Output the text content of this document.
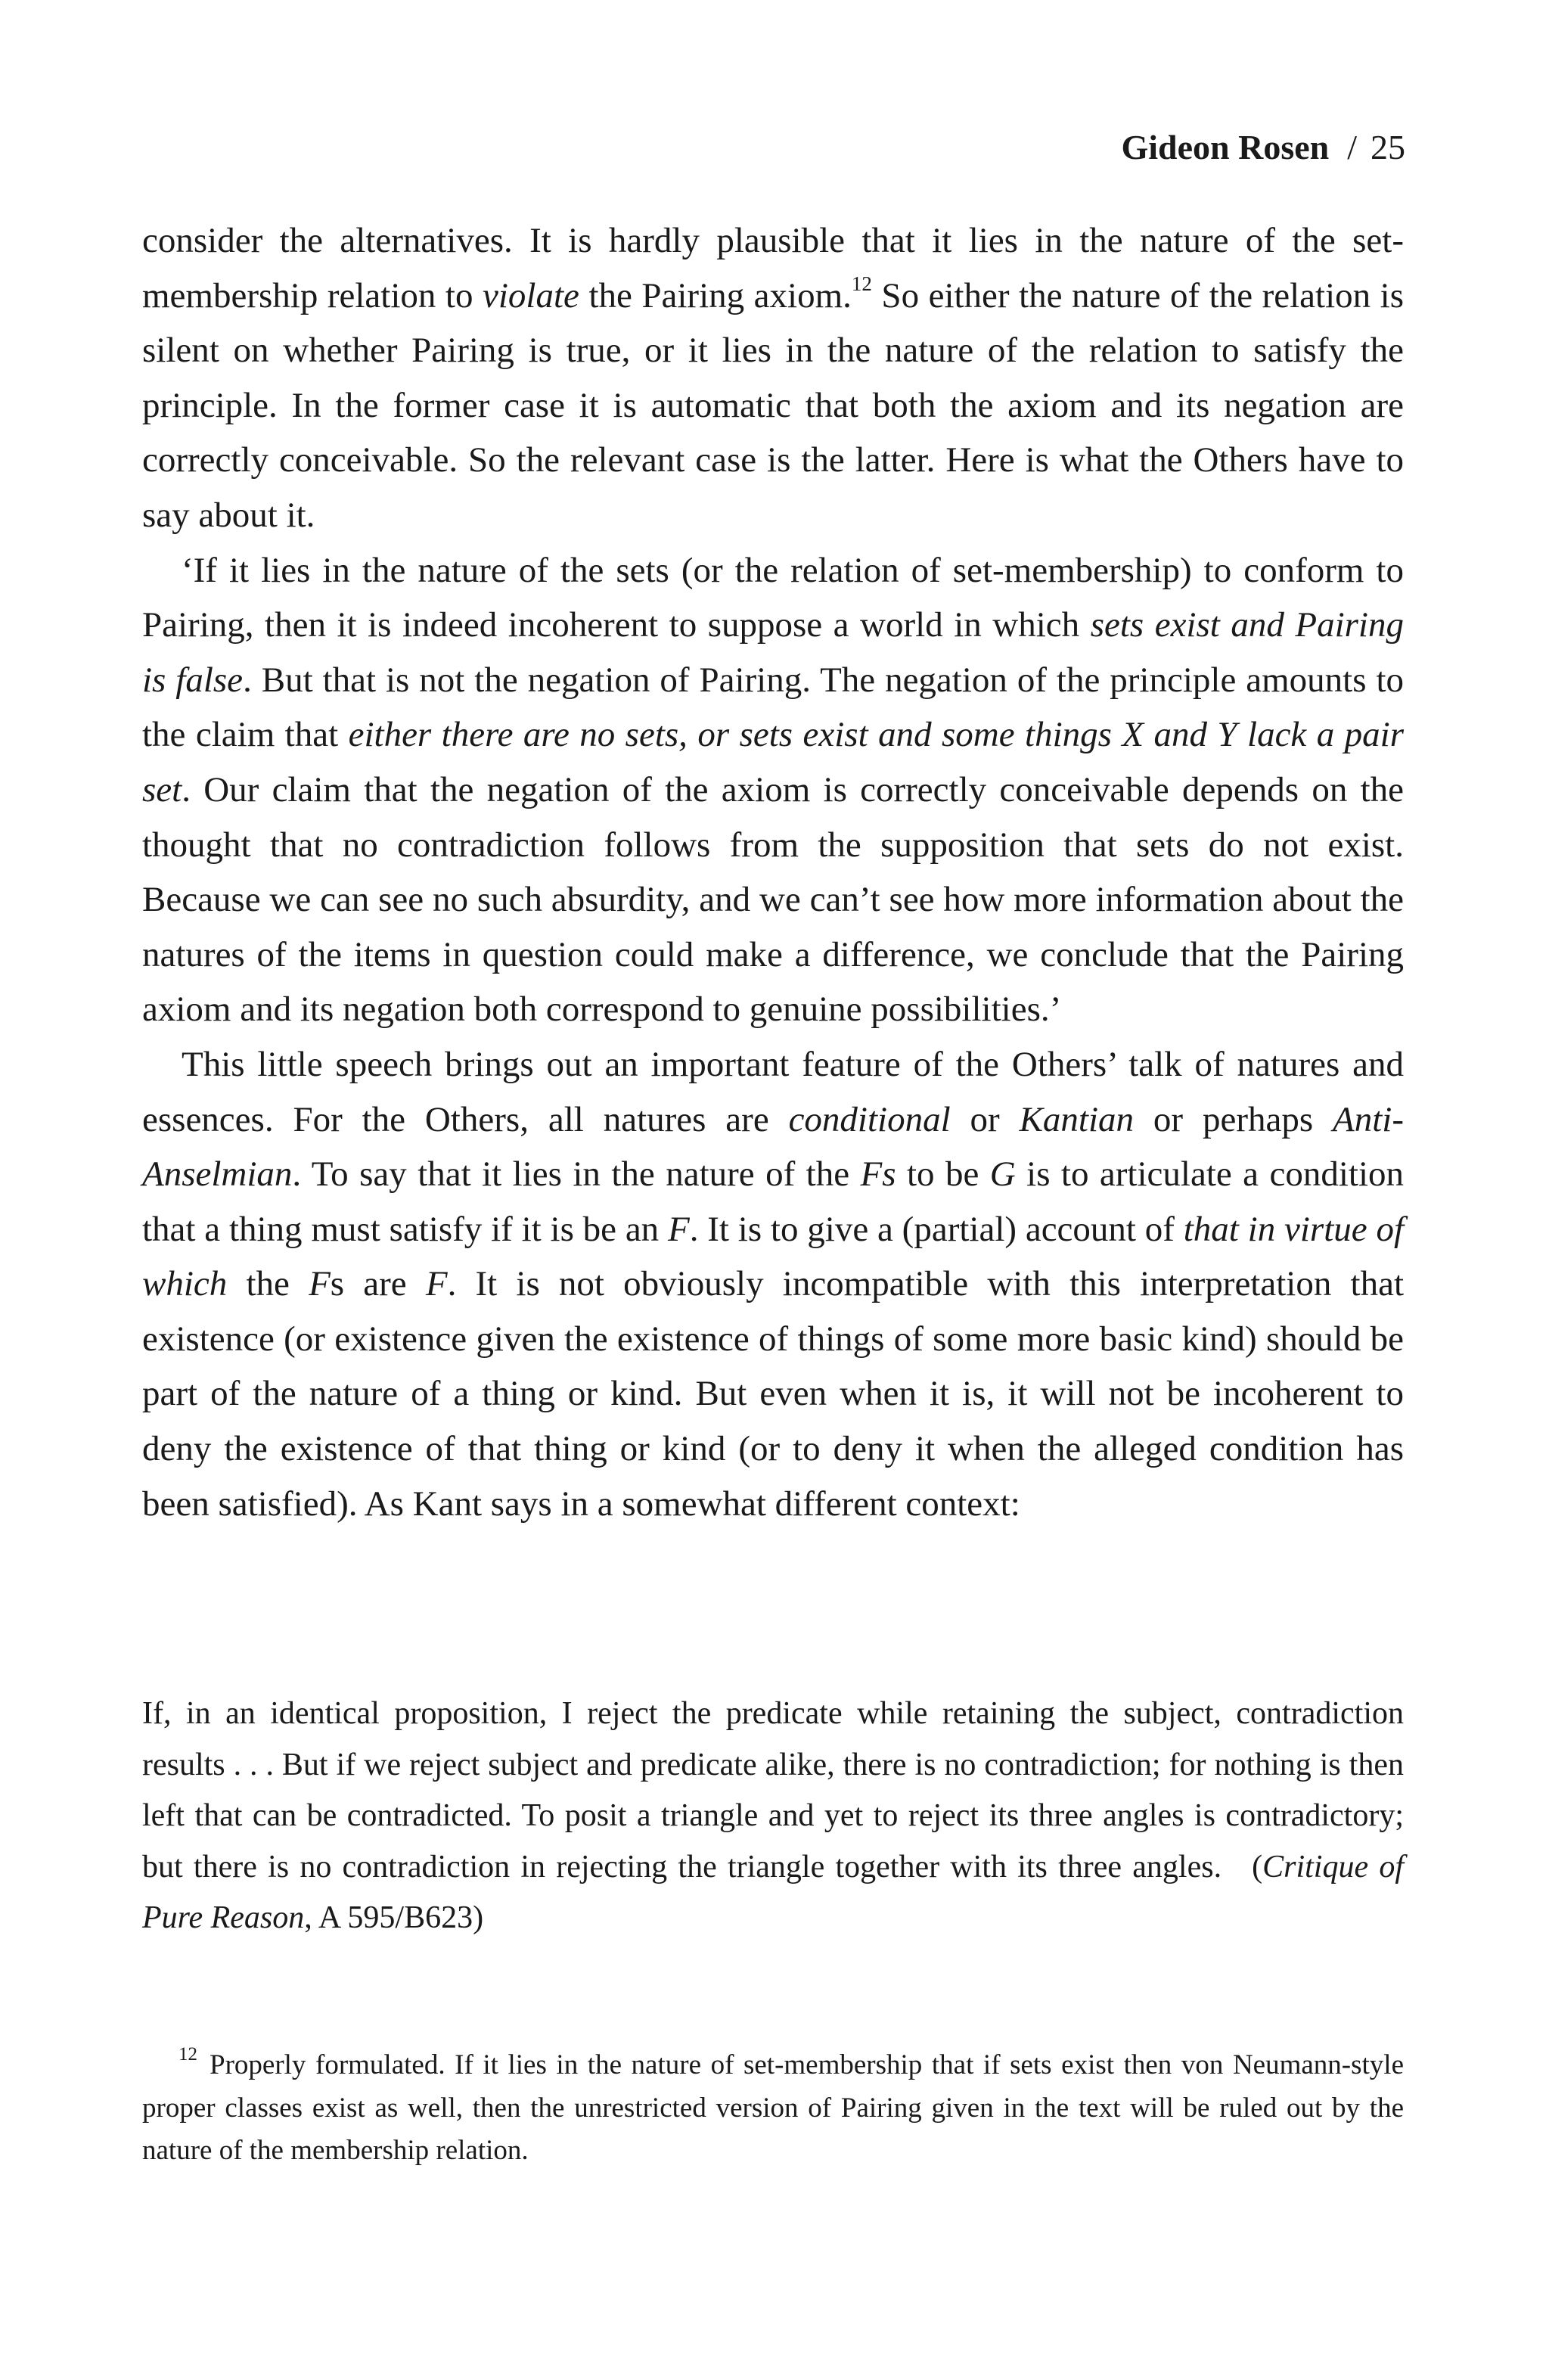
Gideon Rosen / 25

consider the alternatives. It is hardly plausible that it lies in the nature of the set-membership relation to violate the Pairing axiom.$^{12}$ So either the nature of the relation is silent on whether Pairing is true, or it lies in the nature of the relation to satisfy the principle. In the former case it is automatic that both the axiom and its negation are correctly conceivable. So the relevant case is the latter. Here is what the Others have to say about it.

‘If it lies in the nature of the sets (or the relation of set-membership) to conform to Pairing, then it is indeed incoherent to suppose a world in which sets exist and Pairing is false. But that is not the negation of Pairing. The negation of the principle amounts to the claim that either there are no sets, or sets exist and some things X and Y lack a pair set. Our claim that the negation of the axiom is correctly conceivable depends on the thought that no contradiction follows from the supposition that sets do not exist. Because we can see no such absurdity, and we can’t see how more information about the natures of the items in question could make a difference, we conclude that the Pairing axiom and its negation both correspond to genuine possibilities.’

This little speech brings out an important feature of the Others’ talk of natures and essences. For the Others, all natures are conditional or Kantian or perhaps Anti-Anselmian. To say that it lies in the nature of the Fs to be G is to articulate a condition that a thing must satisfy if it is be an F. It is to give a (partial) account of that in virtue of which the Fs are F. It is not obviously incompatible with this interpretation that existence (or existence given the existence of things of some more basic kind) should be part of the nature of a thing or kind. But even when it is, it will not be incoherent to deny the existence of that thing or kind (or to deny it when the alleged condition has been satisfied). As Kant says in a somewhat different context:

If, in an identical proposition, I reject the predicate while retaining the subject, contradiction results . . . But if we reject subject and predicate alike, there is no contradiction; for nothing is then left that can be contradicted. To posit a triangle and yet to reject its three angles is contradictory; but there is no contradiction in rejecting the triangle together with its three angles. (Critique of Pure Reason, A 595/B623)

$^{12}$ Properly formulated. If it lies in the nature of set-membership that if sets exist then von Neumann-style proper classes exist as well, then the unrestricted version of Pairing given in the text will be ruled out by the nature of the membership relation.
